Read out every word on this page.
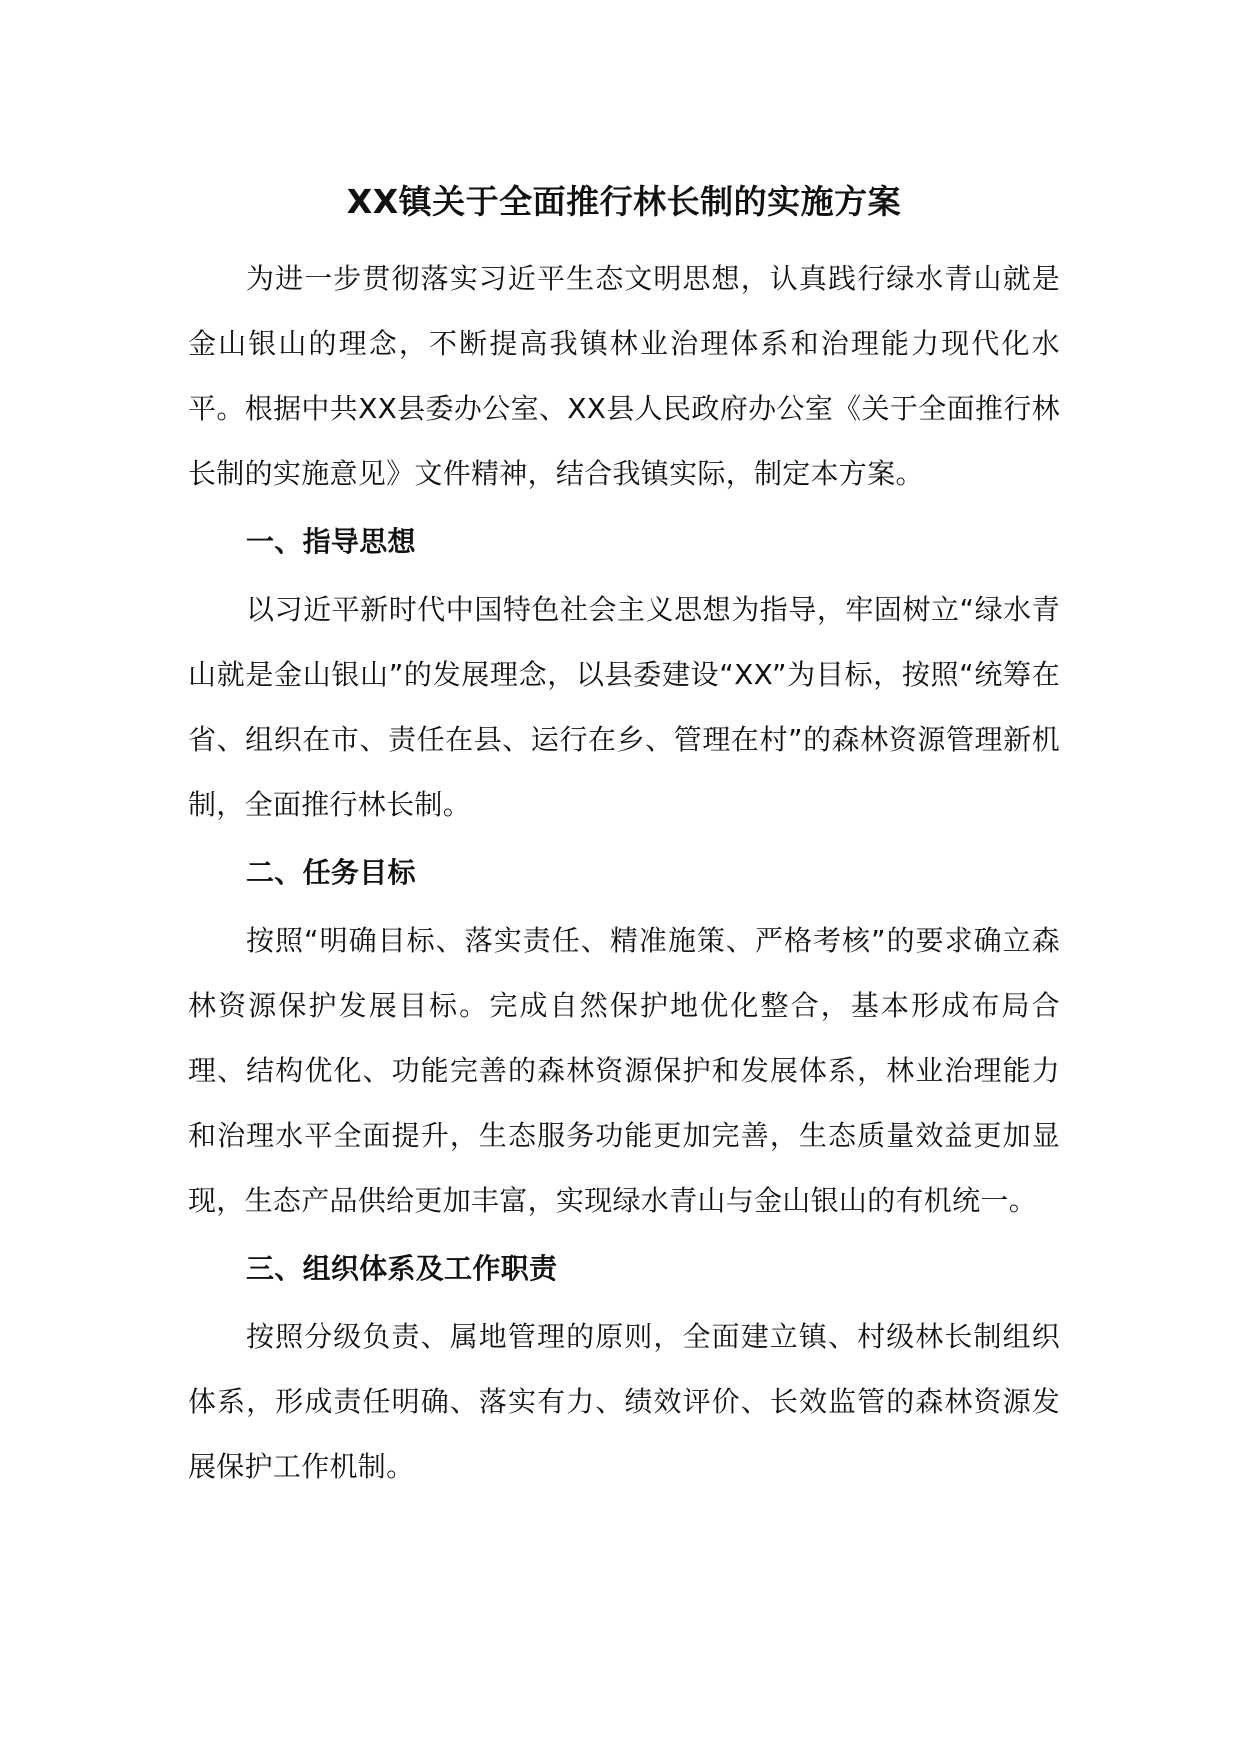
XX镇关于全面推行林长制的实施方案

为进一步贯彻落实习近平生态文明思想，认真践行绿水青山就是金山银山的理念，不断提高我镇林业治理体系和治理能力现代化水平。根据中共XX县委办公室、XX县人民政府办公室《关于全面推行林长制的实施意见》文件精神，结合我镇实际，制定本方案。

一、指导思想

以习近平新时代中国特色社会主义思想为指导，牢固树立“绿水青山就是金山银山”的发展理念，以县委建设“XX”为目标，按照“统筹在省、组织在市、责任在县、运行在乡、管理在村”的森林资源管理新机制，全面推行林长制。

二、任务目标

按照“明确目标、落实责任、精准施策、严格考核”的要求确立森林资源保护发展目标。完成自然保护地优化整合，基本形成布局合理、结构优化、功能完善的森林资源保护和发展体系，林业治理能力和治理水平全面提升，生态服务功能更加完善，生态质量效益更加显现，生态产品供给更加丰富，实现绿水青山与金山银山的有机统一。

三、组织体系及工作职责

按照分级负责、属地管理的原则，全面建立镇、村级林长制组织体系，形成责任明确、落实有力、绩效评价、长效监管的森林资源发展保护工作机制。
